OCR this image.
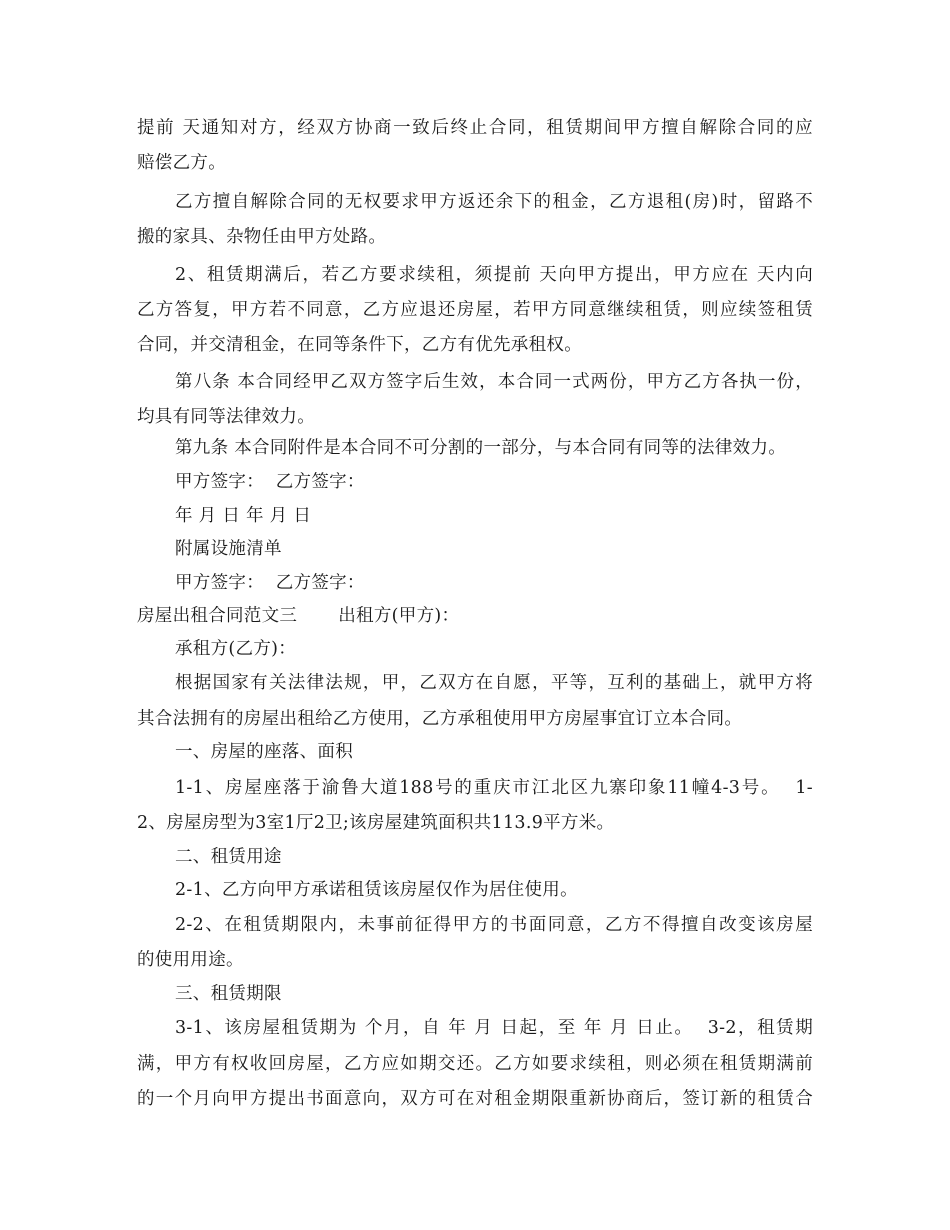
提前 天通知对方，经双方协商一致后终止合同，租赁期间甲方擅自解除合同的应
赔偿乙方。
乙方擅自解除合同的无权要求甲方返还余下的租金，乙方退租(房)时，留路不
搬的家具、杂物任由甲方处路。
2、租赁期满后，若乙方要求续租，须提前 天向甲方提出，甲方应在 天内向
乙方答复，甲方若不同意，乙方应退还房屋，若甲方同意继续租赁，则应续签租赁
合同，并交清租金，在同等条件下，乙方有优先承租权。
第八条 本合同经甲乙双方签字后生效，本合同一式两份，甲方乙方各执一份，
均具有同等法律效力。
第九条 本合同附件是本合同不可分割的一部分，与本合同有同等的法律效力。
甲方签字：  乙方签字：
年 月 日 年 月 日
附属设施清单
甲方签字：  乙方签字：
房屋出租合同范文三       出租方(甲方)：
承租方(乙方)：
根据国家有关法律法规，甲，乙双方在自愿，平等，互利的基础上，就甲方将
其合法拥有的房屋出租给乙方使用，乙方承租使用甲方房屋事宜订立本合同。
一、房屋的座落、面积
1-1、房屋座落于渝鲁大道188号的重庆市江北区九寨印象11幢4-3号。  1-
2、房屋房型为3室1厅2卫;该房屋建筑面积共113.9平方米。
二、租赁用途
2-1、乙方向甲方承诺租赁该房屋仅作为居住使用。
2-2、在租赁期限内，未事前征得甲方的书面同意，乙方不得擅自改变该房屋
的使用用途。
三、租赁期限
3-1、该房屋租赁期为 个月，自 年 月 日起，至 年 月 日止。  3-2，租赁期
满，甲方有权收回房屋，乙方应如期交还。乙方如要求续租，则必须在租赁期满前
的一个月向甲方提出书面意向，双方可在对租金期限重新协商后，签订新的租赁合
